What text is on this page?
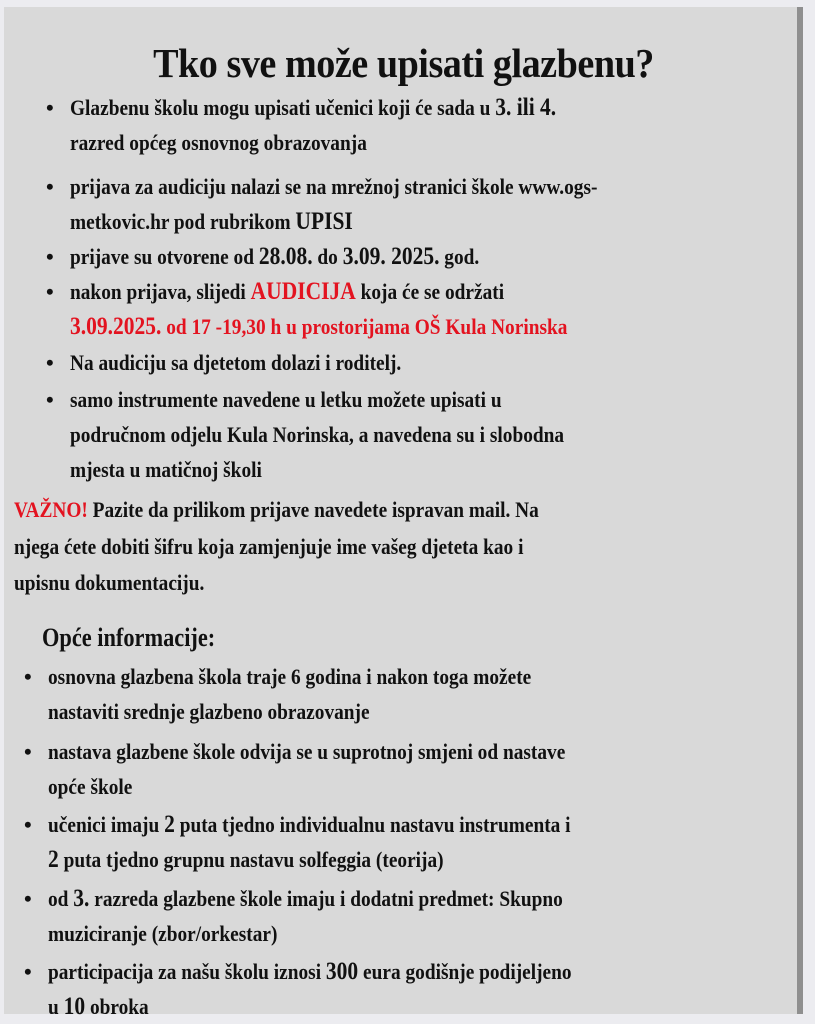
Tko sve može upisati glazbenu?
• Glazbenu školu mogu upisati učenici koji će sada u 3. ili 4.
razred općeg osnovnog obrazovanja
• prijava za audiciju nalazi se na mrežnoj stranici škole www.ogs-
metkovic.hr pod rubrikom UPISI
• prijave su otvorene od 28.08. do 3.09. 2025. god.
• nakon prijava, slijedi AUDICIJA koja će se održati
3.09.2025. od 17 -19,30 h u prostorijama OŠ Kula Norinska
• Na audiciju sa djetetom dolazi i roditelj.
• samo instrumente navedene u letku možete upisati u
područnom odjelu Kula Norinska, a navedena su i slobodna
mjesta u matičnoj školi
VAŽNO! Pazite da prilikom prijave navedete ispravan mail. Na
njega ćete dobiti šifru koja zamjenjuje ime vašeg djeteta kao i
upisnu dokumentaciju.
Opće informacije:
• osnovna glazbena škola traje 6 godina i nakon toga možete
nastaviti srednje glazbeno obrazovanje
• nastava glazbene škole odvija se u suprotnoj smjeni od nastave
opće škole
• učenici imaju 2 puta tjedno individualnu nastavu instrumenta i
2 puta tjedno grupnu nastavu solfeggia (teorija)
• od 3. razreda glazbene škole imaju i dodatni predmet: Skupno
muziciranje (zbor/orkestar)
• participacija za našu školu iznosi 300 eura godišnje podijeljeno
u 10 obroka
